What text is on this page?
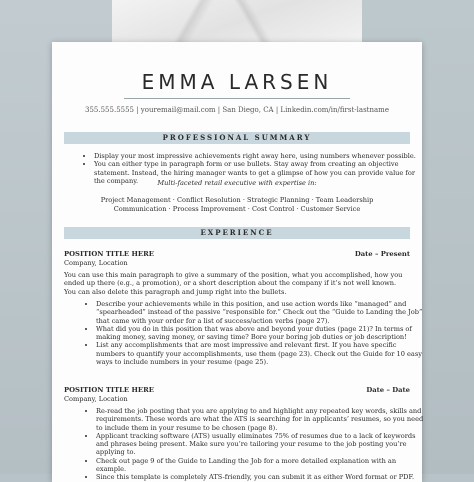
EMMA LARSEN
355.555.5555 | youremail@mail.com | San Diego, CA | Linkedin.com/in/first-lastname
PROFESSIONAL SUMMARY
• Display your most impressive achievements right away here, using numbers whenever possible.
• You can either type in paragraph form or use bullets. Stay away from creating an objective statement. Instead, the hiring manager wants to get a glimpse of how you can provide value for the company.	Multi-faceted retail executive with expertise in:
Project Management · Conflict Resolution · Strategic Planning · Team Leadership
Communication · Process Improvement · Cost Control · Customer Service
EXPERIENCE
POSITION TITLE HERE	Date – Present
Company, Location

You can use this main paragraph to give a summary of the position, what you accomplished, how you ended up there (e.g., a promotion), or a short description about the company if it’s not well known. You can also delete this paragraph and jump right into the bullets.

• Describe your achievements while in this position, and use action words like “managed” and “spearheaded” instead of the passive “responsible for.” Check out the “Guide to Landing the Job” that came with your order for a list of success/action verbs (page 27).
• What did you do in this position that was above and beyond your duties (page 21)? In terms of making money, saving money, or saving time? Bore your boring job duties or job description!
• List any accomplishments that are most impressive and relevant first. If you have specific numbers to quantify your accomplishments, use them (page 23). Check out the Guide for 10 easy ways to include numbers in your resume (page 25).
POSITION TITLE HERE	Date – Date
Company, Location
• Re-read the job posting that you are applying to and highlight any repeated key words, skills and requirements. These words are what the ATS is searching for in applicants’ resumes, so you need to include them in your resume to be chosen (page 8).
• Applicant tracking software (ATS) usually eliminates 75% of resumes due to a lack of keywords and phrases being present. Make sure you’re tailoring your resume to the job posting you’re applying to.
• Check out page 9 of the Guide to Landing the Job for a more detailed explanation with an example.
• Since this template is completely ATS-friendly, you can submit it as either Word format or PDF.
